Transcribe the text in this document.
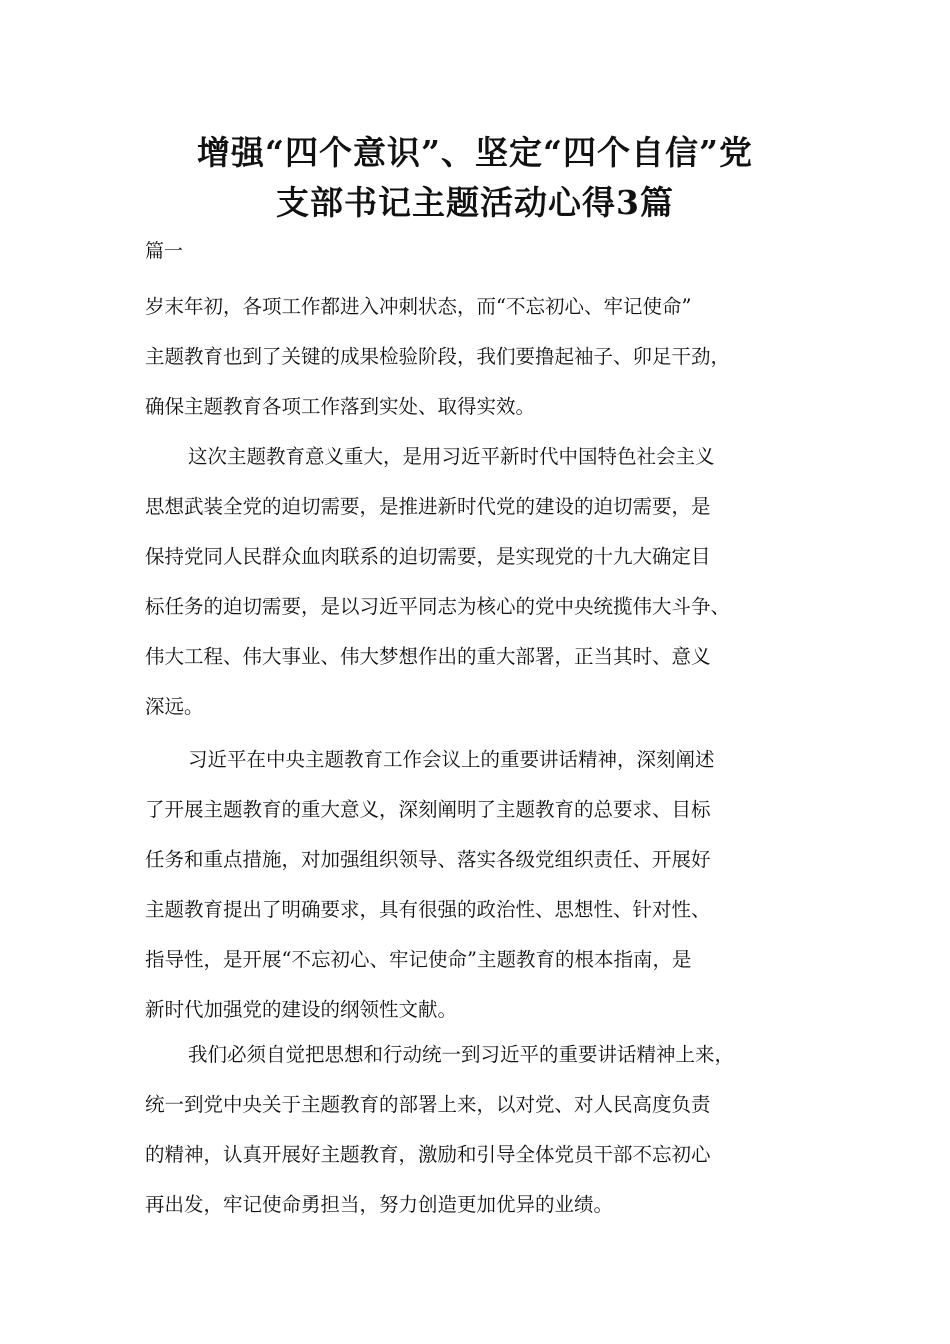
增强“四个意识”、坚定“四个自信”党
支部书记主题活动心得3篇

篇一

岁末年初，各项工作都进入冲刺状态，而“不忘初心、牢记使命”
主题教育也到了关键的成果检验阶段，我们要撸起袖子、卯足干劲，
确保主题教育各项工作落到实处、取得实效。

这次主题教育意义重大，是用习近平新时代中国特色社会主义
思想武装全党的迫切需要，是推进新时代党的建设的迫切需要，是
保持党同人民群众血肉联系的迫切需要，是实现党的十九大确定目
标任务的迫切需要，是以习近平同志为核心的党中央统揽伟大斗争、
伟大工程、伟大事业、伟大梦想作出的重大部署，正当其时、意义
深远。

习近平在中央主题教育工作会议上的重要讲话精神，深刻阐述
了开展主题教育的重大意义，深刻阐明了主题教育的总要求、目标
任务和重点措施，对加强组织领导、落实各级党组织责任、开展好
主题教育提出了明确要求，具有很强的政治性、思想性、针对性、
指导性，是开展“不忘初心、牢记使命”主题教育的根本指南，是
新时代加强党的建设的纲领性文献。

我们必须自觉把思想和行动统一到习近平的重要讲话精神上来，
统一到党中央关于主题教育的部署上来，以对党、对人民高度负责
的精神，认真开展好主题教育，激励和引导全体党员干部不忘初心
再出发，牢记使命勇担当，努力创造更加优异的业绩。
